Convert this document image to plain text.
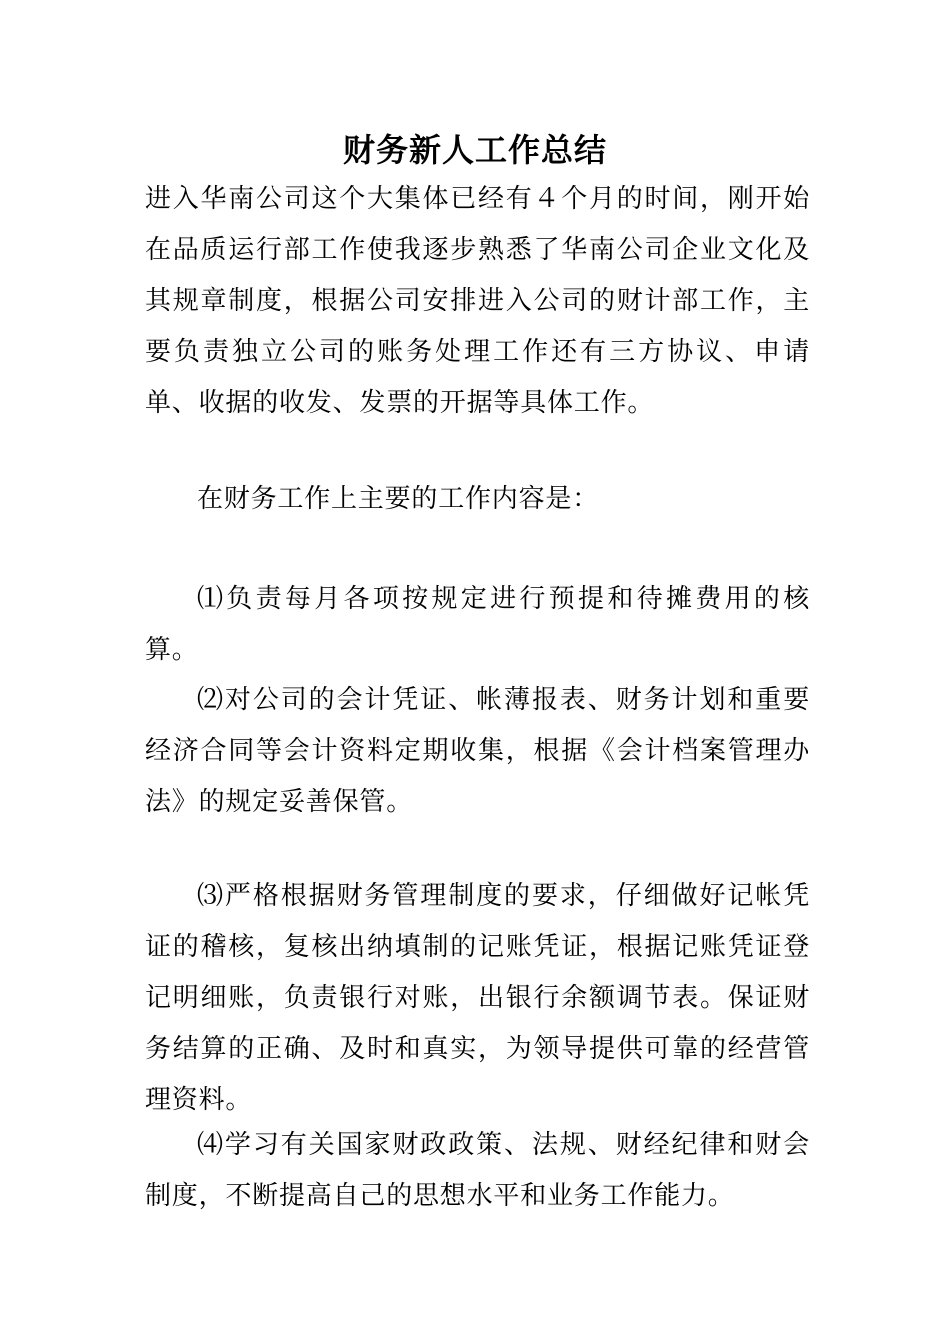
财务新人工作总结

进入华南公司这个大集体已经有４个月的时间，刚开始在品质运行部工作使我逐步熟悉了华南公司企业文化及其规章制度，根据公司安排进入公司的财计部工作，主要负责独立公司的账务处理工作还有三方协议、申请单、收据的收发、发票的开据等具体工作。

在财务工作上主要的工作内容是：

⑴负责每月各项按规定进行预提和待摊费用的核算。

⑵对公司的会计凭证、帐薄报表、财务计划和重要经济合同等会计资料定期收集，根据《会计档案管理办法》的规定妥善保管。

⑶严格根据财务管理制度的要求，仔细做好记帐凭证的稽核，复核出纳填制的记账凭证，根据记账凭证登记明细账，负责银行对账，出银行余额调节表。保证财务结算的正确、及时和真实，为领导提供可靠的经营管理资料。

⑷学习有关国家财政政策、法规、财经纪律和财会制度，不断提高自己的思想水平和业务工作能力。
